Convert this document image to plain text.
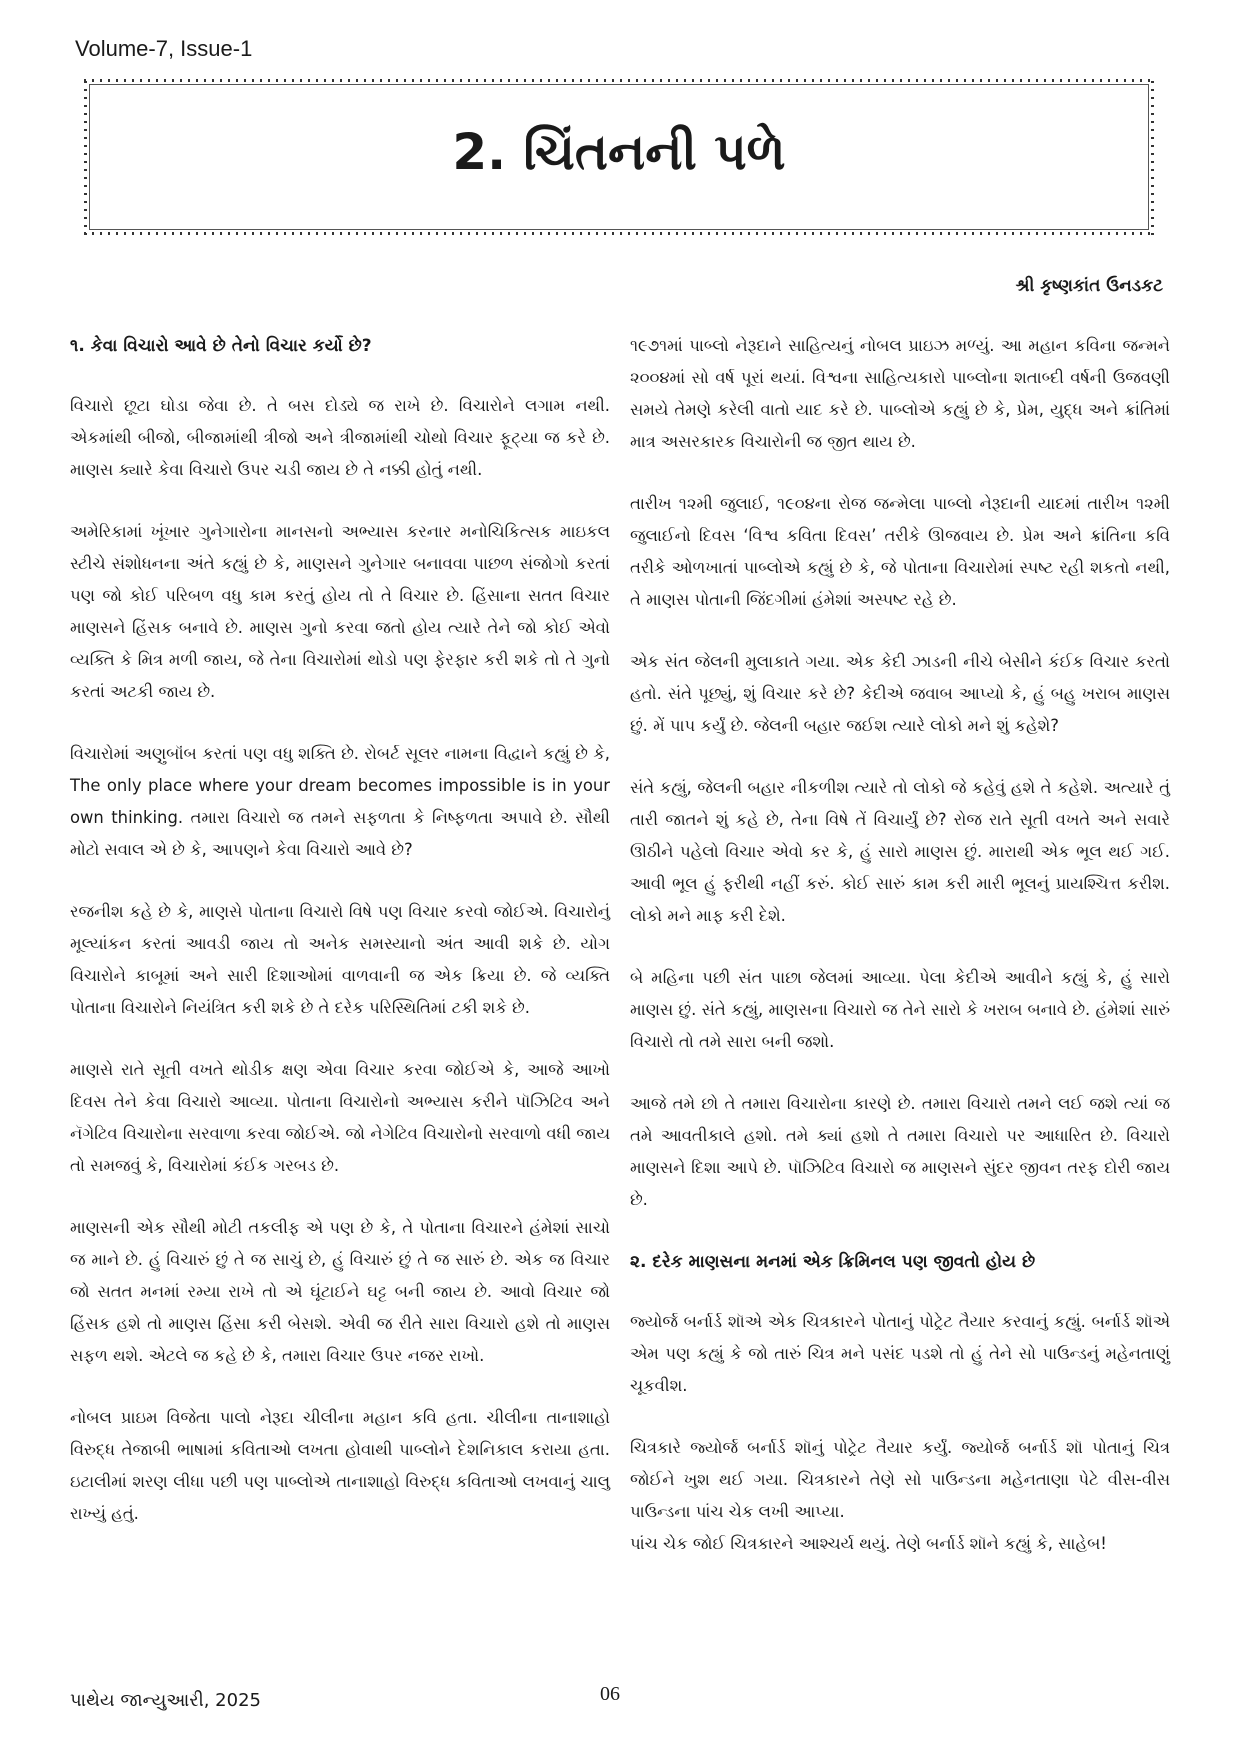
Volume-7, Issue-1
2. ચિંતનની પળે
શ્રી કૃષ્ણકાંત ઉનડકટ
૧. કેવા વિચારો આવે છે તેનો વિચાર કર્યો છે?

વિચારો છૂટા ઘોડા જેવા છે. તે બસ દોડ્યે જ રાખે છે. વિચારોને લગામ નથી. એકમાંથી બીજો, બીજામાંથી ત્રીજો અને ત્રીજામાંથી ચોથો વિચાર ફૂટ્યા જ કરે છે. માણસ ક્યારે કેવા વિચારો ઉપર ચડી જાય છે તે નક્કી હોતું નથી.

અમેરિકામાં ખૂંખાર ગુનેગારોના માનસનો અભ્યાસ કરનાર મનોચિકિત્સક માઇકલ સ્ટીચે સંશોધનના અંતે કહ્યું છે કે, માણસને ગુનેગાર બનાવવા પાછળ સંજોગો કરતાં પણ જો કોઈ પરિબળ વધુ કામ કરતું હોય તો તે વિચાર છે. હિંસાના સતત વિચાર માણસને હિંસક બનાવે છે. માણસ ગુનો કરવા જતો હોય ત્યારે તેને જો કોઈ એવો વ્યક્તિ કે મિત્ર મળી જાય, જે તેના વિચારોમાં થોડો પણ ફેરફાર કરી શકે તો તે ગુનો કરતાં અટકી જાય છે.

વિચારોમાં અણુબૉંબ કરતાં પણ વધુ શક્તિ છે. રોબર્ટ સૂલર નામના વિદ્વાને કહ્યું છે કે, The only place where your dream becomes impossible is in your own thinking. તમારા વિચારો જ તમને સફળતા કે નિષ્ફળતા અપાવે છે. સૌથી મોટો સવાલ એ છે કે, આપણને કેવા વિચારો આવે છે?

રજનીશ કહે છે કે, માણસે પોતાના વિચારો વિષે પણ વિચાર કરવો જોઈએ. વિચારોનું મૂલ્યાંકન કરતાં આવડી જાય તો અનેક સમસ્યાનો અંત આવી શકે છે. યોગ વિચારોને કાબૂમાં અને સારી દિશાઓમાં વાળવાની જ એક ક્રિયા છે. જે વ્યક્તિ પોતાના વિચારોને નિયંત્રિત કરી શકે છે તે દરેક પરિસ્થિતિમાં ટકી શકે છે.

માણસે રાતે સૂતી વખતે થોડીક ક્ષણ એવા વિચાર કરવા જોઈએ કે, આજે આખો દિવસ તેને કેવા વિચારો આવ્યા. પોતાના વિચારોનો અભ્યાસ કરીને પૉઝિટિવ અને નૅગેટિવ વિચારોના સરવાળા કરવા જોઈએ. જો નેગેટિવ વિચારોનો સરવાળો વધી જાય તો સમજવું કે, વિચારોમાં કંઈક ગરબડ છે.

માણસની એક સૌથી મોટી તકલીફ એ પણ છે કે, તે પોતાના વિચારને હંમેશાં સાચો જ માને છે. હું વિચારું છું તે જ સાચું છે, હું વિચારું છું તે જ સારું છે. એક જ વિચાર જો સતત મનમાં રમ્યા રાખે તો એ ઘૂંટાઈને ઘટ્ટ બની જાય છે. આવો વિચાર જો હિંસક હશે તો માણસ હિંસા કરી બેસશે. એવી જ રીતે સારા વિચારો હશે તો માણસ સફળ થશે. એટલે જ કહે છે કે, તમારા વિચાર ઉપર નજર રાખો.

નોબલ પ્રાઇમ વિજેતા પાલો નેરૂદા ચીલીના મહાન કવિ હતા. ચીલીના તાનાશાહો વિરુદ્ધ તેજાબી ભાષામાં કવિતાઓ લખતા હોવાથી પાબ્લોને દેશનિકાલ કરાયા હતા. ઇટાલીમાં શરણ લીધા પછી પણ પાબ્લોએ તાનાશાહો વિરુદ્ધ કવિતાઓ લખવાનું ચાલુ રાખ્યું હતું.

૧૯૭૧માં પાબ્લો નેરૂદાને સાહિત્યનું નોબલ પ્રાઇઝ મળ્યું. આ મહાન કવિના જન્મને ૨૦૦૪માં સો વર્ષ પૂરાં થયાં. વિશ્વના સાહિત્યકારો પાબ્લોના શતાબ્દી વર્ષની ઉજવણી સમયે તેમણે કરેલી વાતો યાદ કરે છે. પાબ્લોએ કહ્યું છે કે, પ્રેમ, યુદ્ધ અને ક્રાંતિમાં માત્ર અસરકારક વિચારોની જ જીત થાય છે.

તારીખ ૧૨મી જુલાઈ, ૧૯૦૪ના રોજ જન્મેલા પાબ્લો નેરૂદાની યાદમાં તારીખ ૧૨મી જુલાઈનો દિવસ ‘વિશ્વ કવિતા દિવસ’ તરીકે ઊજવાય છે. પ્રેમ અને ક્રાંતિના કવિ તરીકે ઓળખાતાં પાબ્લોએ કહ્યું છે કે, જે પોતાના વિચારોમાં સ્પષ્ટ રહી શકતો નથી, તે માણસ પોતાની જિંદગીમાં હંમેશાં અસ્પષ્ટ રહે છે.

એક સંત જેલની મુલાકાતે ગયા. એક કેદી ઝાડની નીચે બેસીને કંઈક વિચાર કરતો હતો. સંતે પૂછ્યું, શું વિચાર કરે છે? કેદીએ જવાબ આપ્યો કે, હું બહુ ખરાબ માણસ છું. મેં પાપ કર્યું છે. જેલની બહાર જઈશ ત્યારે લોકો મને શું કહેશે?

સંતે કહ્યું, જેલની બહાર નીકળીશ ત્યારે તો લોકો જે કહેવું હશે તે કહેશે. અત્યારે તું તારી જાતને શું કહે છે, તેના વિષે તેં વિચાર્યું છે? રોજ રાતે સૂતી વખતે અને સવારે ઊઠીને પહેલો વિચાર એવો કર કે, હું સારો માણસ છું. મારાથી એક ભૂલ થઈ ગઈ. આવી ભૂલ હું ફરીથી નહીં કરું. કોઈ સારું કામ કરી મારી ભૂલનું પ્રાયશ્ચિત્ત કરીશ. લોકો મને માફ કરી દેશે.

બે મહિના પછી સંત પાછા જેલમાં આવ્યા. પેલા કેદીએ આવીને કહ્યું કે, હું સારો માણસ છું. સંતે કહ્યું, માણસના વિચારો જ તેને સારો કે ખરાબ બનાવે છે. હંમેશાં સારું વિચારો તો તમે સારા બની જશો.

આજે તમે છો તે તમારા વિચારોના કારણે છે. તમારા વિચારો તમને લઈ જશે ત્યાં જ તમે આવતીકાલે હશો. તમે ક્યાં હશો તે તમારા વિચારો પર આધારિત છે. વિચારો માણસને દિશા આપે છે. પૉઝિટિવ વિચારો જ માણસને સુંદર જીવન તરફ દોરી જાય છે.

૨. દરેક માણસના મનમાં એક ક્રિમિનલ પણ જીવતો હોય છે

જ્યોર્જ બર્નાર્ડ શૉએ એક ચિત્રકારને પોતાનું પોટ્રેટ તૈયાર કરવાનું કહ્યું. બર્નાર્ડ શૉએ એમ પણ કહ્યું કે જો તારું ચિત્ર મને પસંદ પડશે તો હું તેને સો પાઉન્ડનું મહેનતાણું ચૂકવીશ.

ચિત્રકારે જ્યોર્જ બર્નાર્ડ શૉનું પોટ્રેટ તૈયાર કર્યું. જ્યોર્જ બર્નાર્ડ શૉ પોતાનું ચિત્ર જોઈને ખુશ થઈ ગયા. ચિત્રકારને તેણે સો પાઉન્ડના મહેનતાણા પેટે વીસ-વીસ પાઉન્ડના પાંચ ચેક લખી આપ્યા.

પાંચ ચેક જોઈ ચિત્રકારને આશ્ચર્ય થયું. તેણે બર્નાર્ડ શૉને કહ્યું કે, સાહેબ!

પાથેય જાન્યુઆરી, 2025	06
